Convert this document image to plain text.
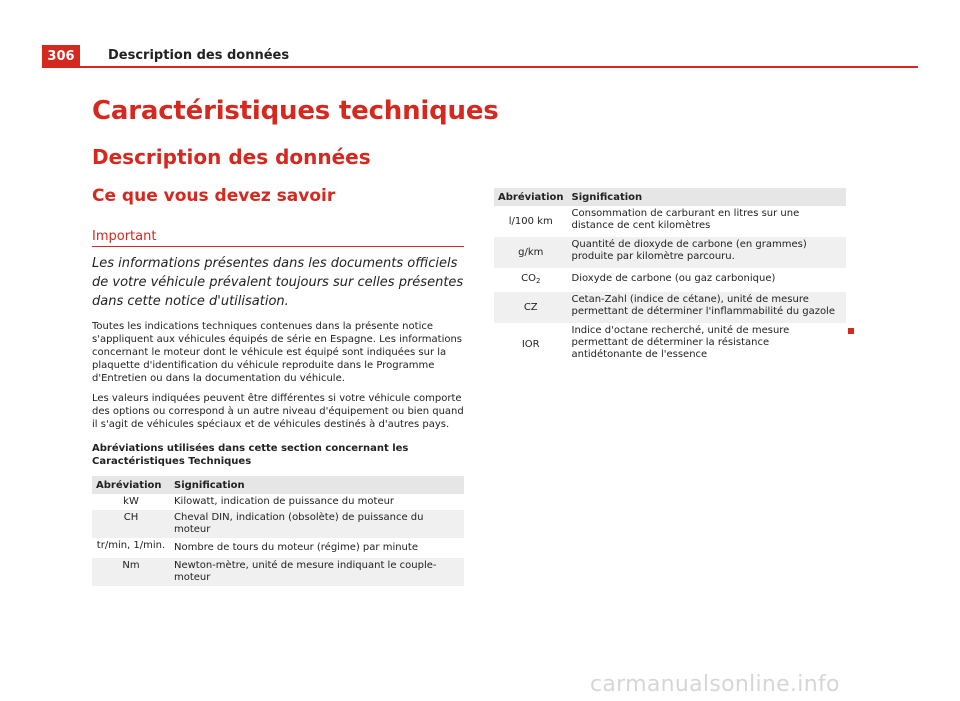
306	Description des données
Caractéristiques techniques
Description des données
Ce que vous devez savoir
Important
Les informations présentes dans les documents officiels de votre véhicule prévalent toujours sur celles présentes dans cette notice d'utilisation.
Toutes les indications techniques contenues dans la présente notice s'appliquent aux véhicules équipés de série en Espagne. Les informations concernant le moteur dont le véhicule est équipé sont indiquées sur la plaquette d'identification du véhicule reproduite dans le Programme d'Entretien ou dans la documentation du véhicule.
Les valeurs indiquées peuvent être différentes si votre véhicule comporte des options ou correspond à un autre niveau d'équipement ou bien quand il s'agit de véhicules spéciaux et de véhicules destinés à d'autres pays.
Abréviations utilisées dans cette section concernant les Caractéristiques Techniques
Abréviation	Signification
kW	Kilowatt, indication de puissance du moteur
CH	Cheval DIN, indication (obsolète) de puissance du moteur
tr/min, 1/min.	Nombre de tours du moteur (régime) par minute
Nm	Newton-mètre, unité de mesure indiquant le couple-moteur
Abréviation	Signification
l/100 km	Consommation de carburant en litres sur une distance de cent kilomètres
g/km	Quantité de dioxyde de carbone (en grammes) produite par kilomètre parcouru.
$CO_2$	Dioxyde de carbone (ou gaz carbonique)
CZ	Cetan-Zahl (indice de cétane), unité de mesure permettant de déterminer l'inflammabilité du gazole
IOR	Indice d'octane recherché, unité de mesure permettant de déterminer la résistance antidétonante de l'essence
carmanualsonline.info
